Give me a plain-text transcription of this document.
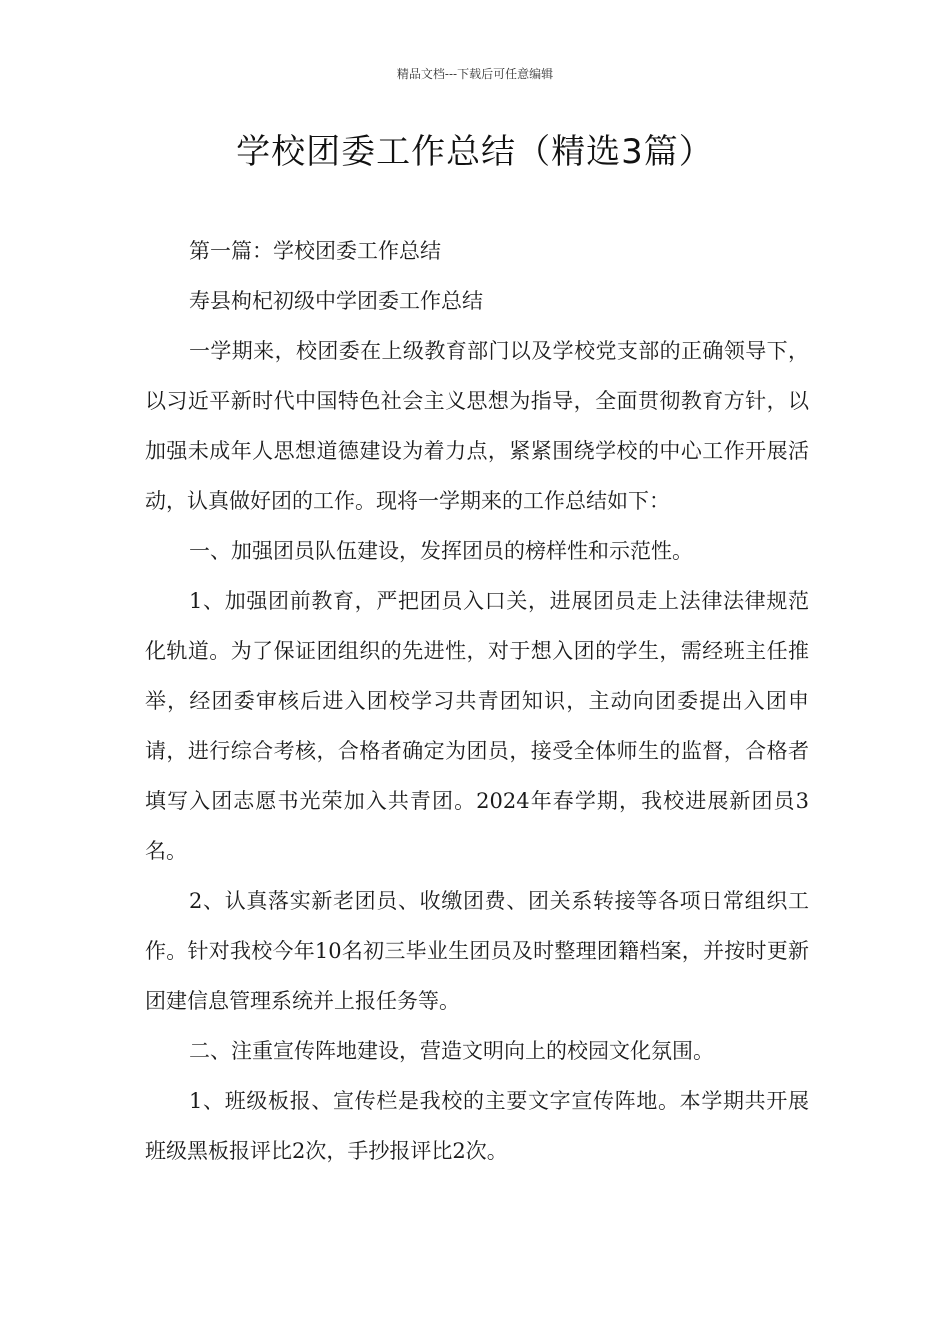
精品文档---下载后可任意编辑
学校团委工作总结（精选3篇）

第一篇：学校团委工作总结

寿县枸杞初级中学团委工作总结

一学期来，校团委在上级教育部门以及学校党支部的正确领导下，以习近平新时代中国特色社会主义思想为指导，全面贯彻教育方针，以加强未成年人思想道德建设为着力点，紧紧围绕学校的中心工作开展活动，认真做好团的工作。现将一学期来的工作总结如下：

一、加强团员队伍建设，发挥团员的榜样性和示范性。

1、加强团前教育，严把团员入口关，进展团员走上法律法律规范化轨道。为了保证团组织的先进性，对于想入团的学生，需经班主任推举，经团委审核后进入团校学习共青团知识，主动向团委提出入团申请，进行综合考核，合格者确定为团员，接受全体师生的监督，合格者填写入团志愿书光荣加入共青团。2024年春学期，我校进展新团员3名。

2、认真落实新老团员、收缴团费、团关系转接等各项日常组织工作。针对我校今年10名初三毕业生团员及时整理团籍档案，并按时更新团建信息管理系统并上报任务等。

二、注重宣传阵地建设，营造文明向上的校园文化氛围。

1、班级板报、宣传栏是我校的主要文字宣传阵地。本学期共开展班级黑板报评比2次，手抄报评比2次。
